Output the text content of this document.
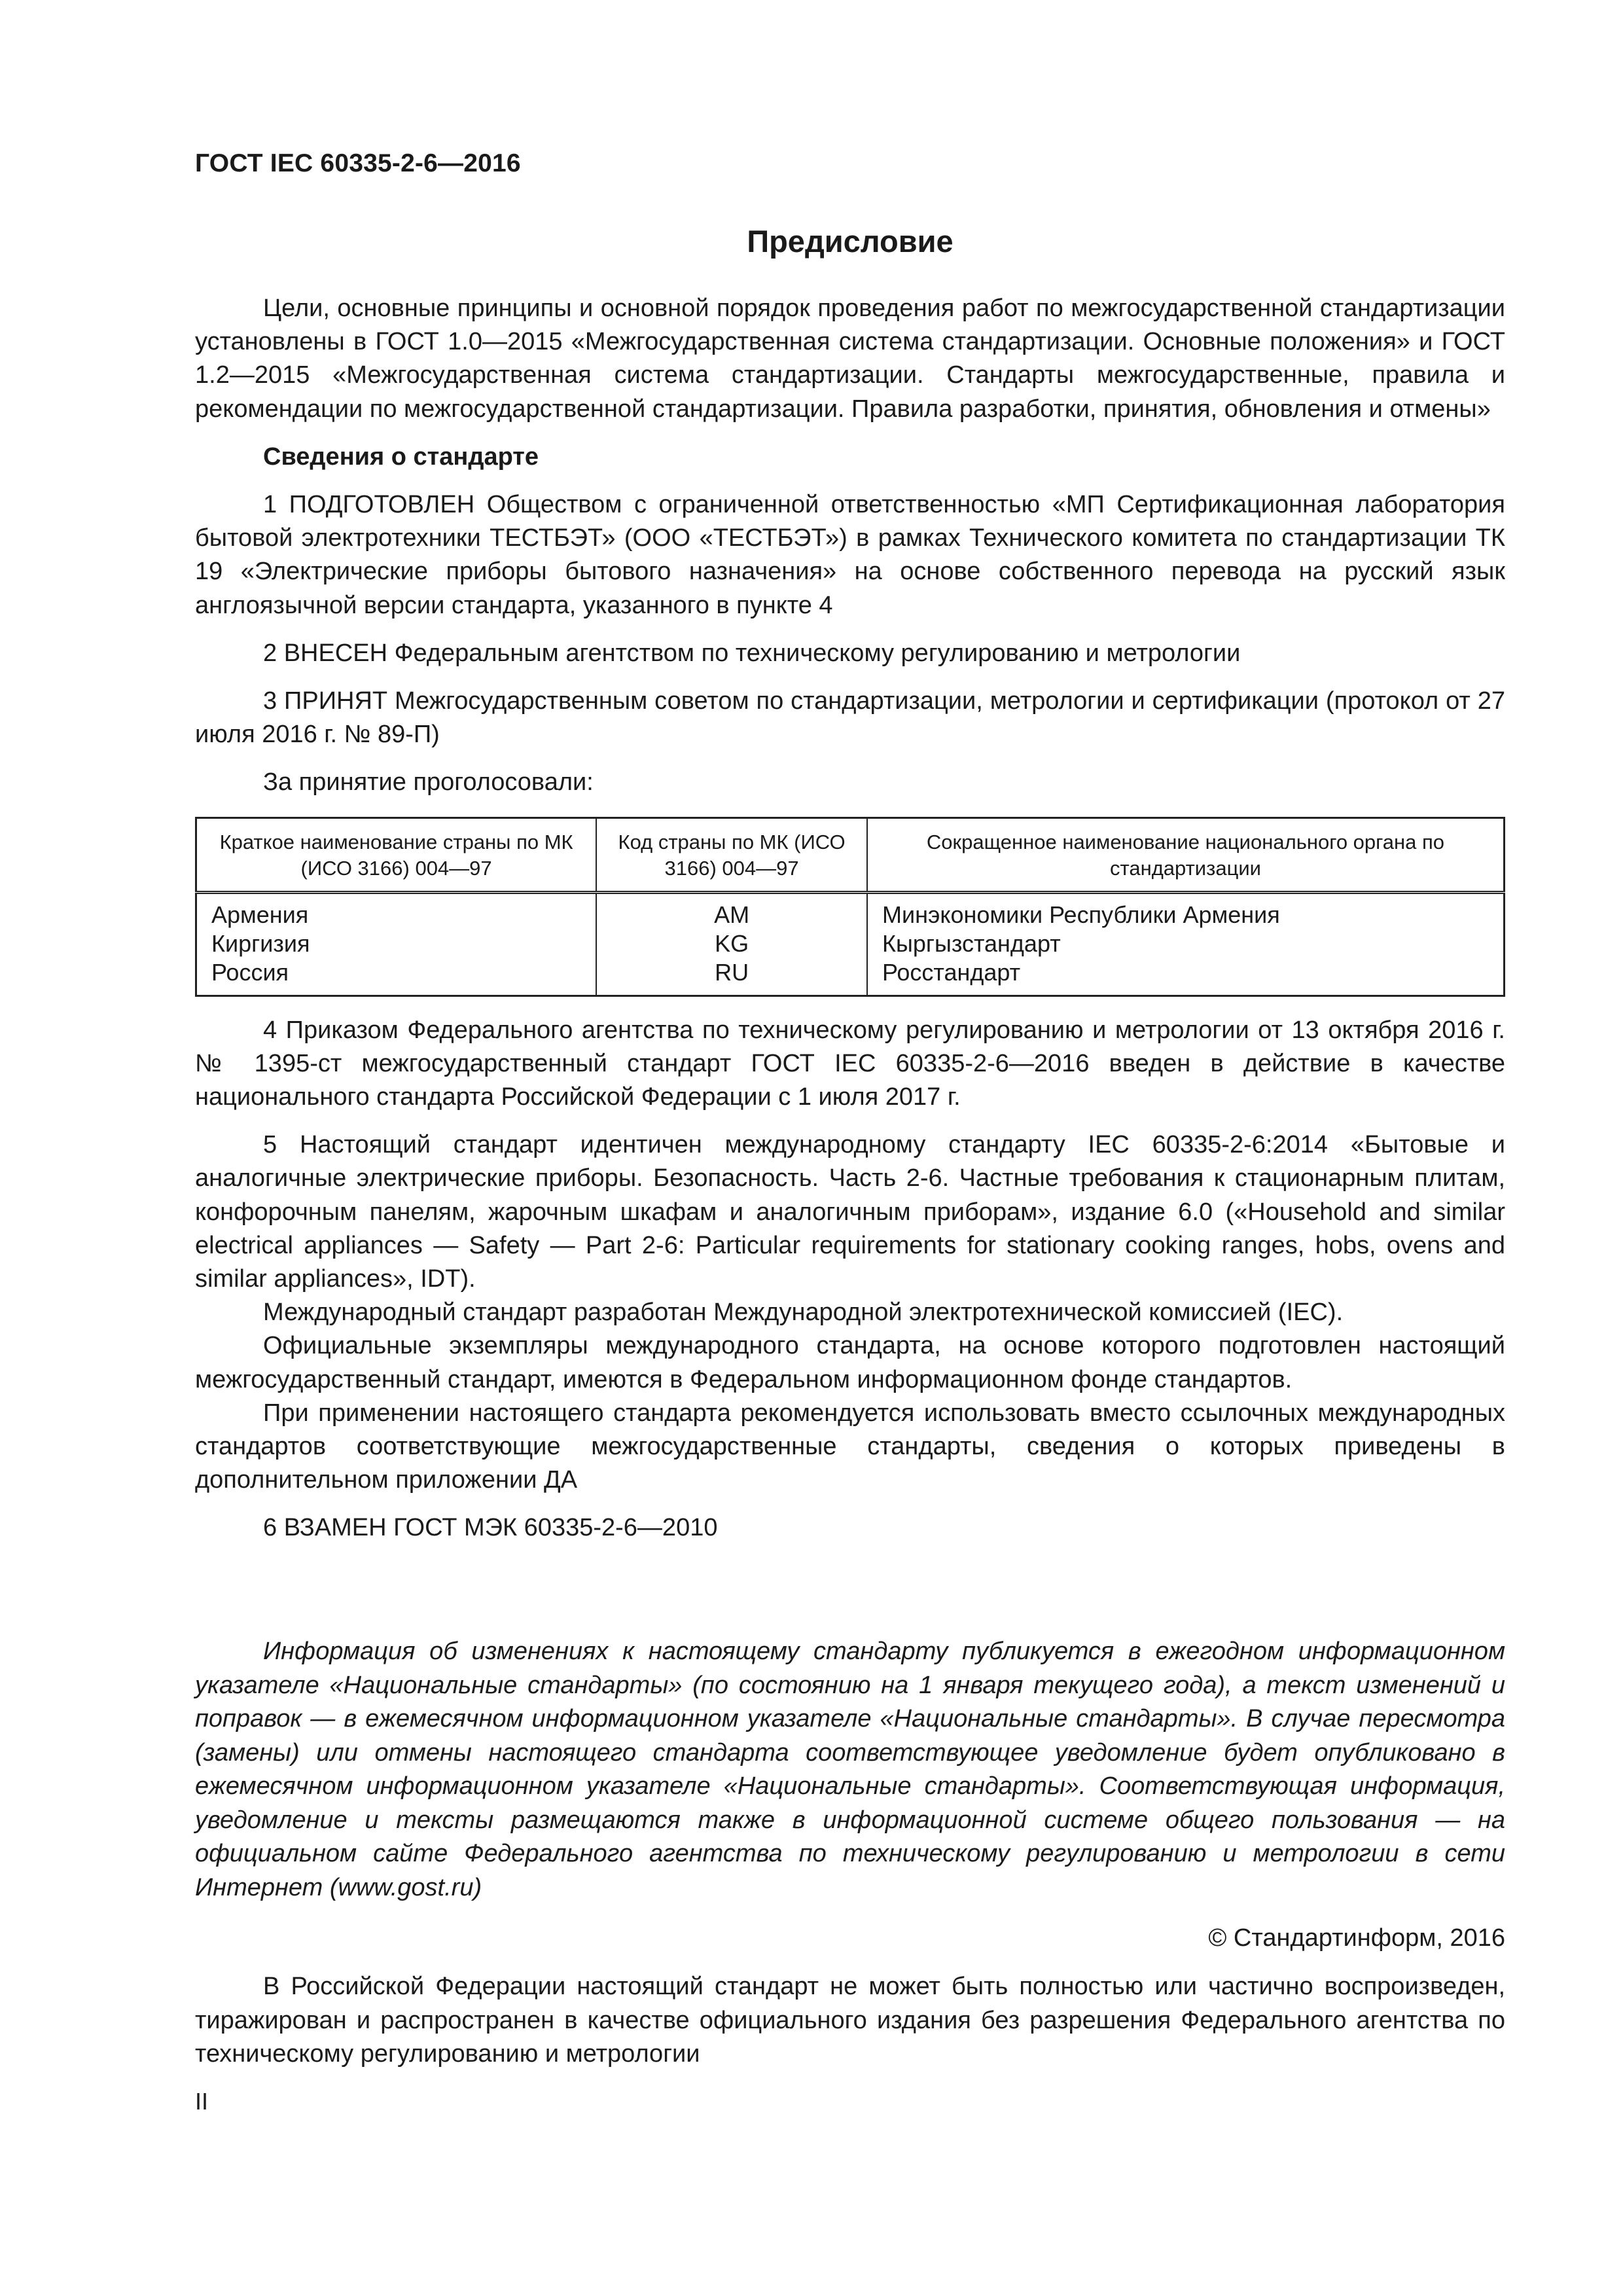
ГОСТ IEC 60335-2-6—2016
Предисловие

Цели, основные принципы и основной порядок проведения работ по межгосударственной стандартизации установлены в ГОСТ 1.0—2015 «Межгосударственная система стандартизации. Основные положения» и ГОСТ 1.2—2015 «Межгосударственная система стандартизации. Стандарты межгосударственные, правила и рекомендации по межгосударственной стандартизации. Правила разработки, принятия, обновления и отмены»

Сведения о стандарте

1 ПОДГОТОВЛЕН Обществом с ограниченной ответственностью «МП Сертификационная лаборатория бытовой электротехники ТЕСТБЭТ» (ООО «ТЕСТБЭТ») в рамках Технического комитета по стандартизации ТК 19 «Электрические приборы бытового назначения» на основе собственного перевода на русский язык англоязычной версии стандарта, указанного в пункте 4

2 ВНЕСЕН Федеральным агентством по техническому регулированию и метрологии

3 ПРИНЯТ Межгосударственным советом по стандартизации, метрологии и сертификации (протокол от 27 июля 2016 г. № 89-П)

За принятие проголосовали:

Краткое наименование страны по МК (ИСО 3166) 004—97	Код страны по МК (ИСО 3166) 004—97	Сокращенное наименование национального органа по стандартизации
Армения	AM	Минэкономики Республики Армения
Киргизия	KG	Кыргызстандарт
Россия	RU	Росстандарт

4 Приказом Федерального агентства по техническому регулированию и метрологии от 13 октября 2016 г. № 1395-ст межгосударственный стандарт ГОСТ IEC 60335-2-6—2016 введен в действие в качестве национального стандарта Российской Федерации с 1 июля 2017 г.

5 Настоящий стандарт идентичен международному стандарту IEC 60335-2-6:2014 «Бытовые и аналогичные электрические приборы. Безопасность. Часть 2-6. Частные требования к стационарным плитам, конфорочным панелям, жарочным шкафам и аналогичным приборам», издание 6.0 («Household and similar electrical appliances — Safety — Part 2-6: Particular requirements for stationary cooking ranges, hobs, ovens and similar appliances», IDT).

Международный стандарт разработан Международной электротехнической комиссией (IEC).

Официальные экземпляры международного стандарта, на основе которого подготовлен настоящий межгосударственный стандарт, имеются в Федеральном информационном фонде стандартов.

При применении настоящего стандарта рекомендуется использовать вместо ссылочных международных стандартов соответствующие межгосударственные стандарты, сведения о которых приведены в дополнительном приложении ДА

6 ВЗАМЕН ГОСТ МЭК 60335-2-6—2010

Информация об изменениях к настоящему стандарту публикуется в ежегодном информационном указателе «Национальные стандарты» (по состоянию на 1 января текущего года), а текст изменений и поправок — в ежемесячном информационном указателе «Национальные стандарты». В случае пересмотра (замены) или отмены настоящего стандарта соответствующее уведомление будет опубликовано в ежемесячном информационном указателе «Национальные стандарты». Соответствующая информация, уведомление и тексты размещаются также в информационной системе общего пользования — на официальном сайте Федерального агентства по техническому регулированию и метрологии в сети Интернет (www.gost.ru)

© Стандартинформ, 2016

В Российской Федерации настоящий стандарт не может быть полностью или частично воспроизведен, тиражирован и распространен в качестве официального издания без разрешения Федерального агентства по техническому регулированию и метрологии

II
